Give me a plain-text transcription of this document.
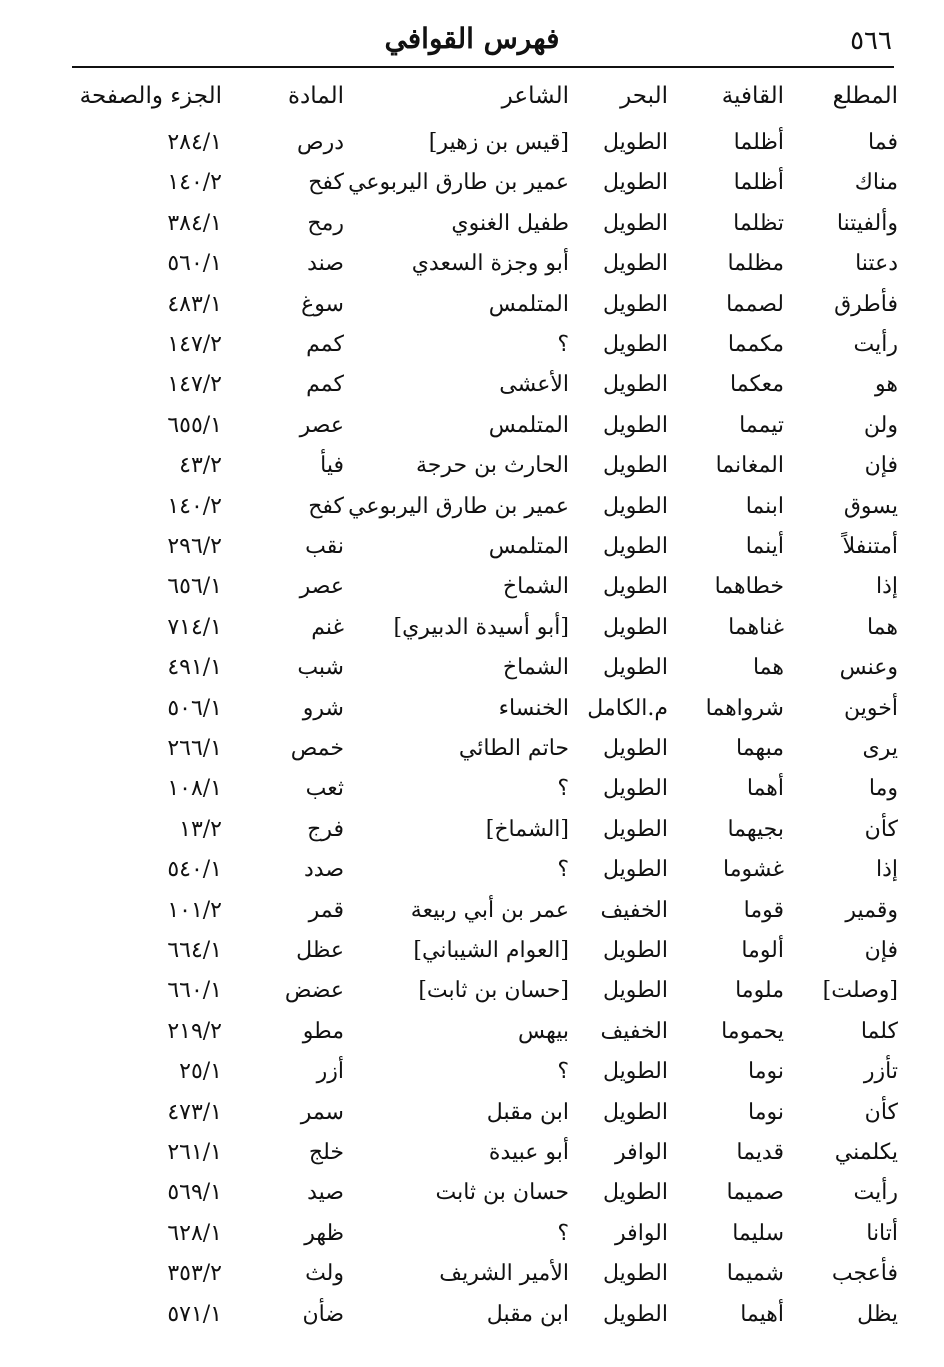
٥٦٦
فهرس القوافي
المطلع
القافية
البحر
الشاعر
المادة
الجزء والصفحة
فما
أظلما
الطويل
[قيس بن زهير]
درص
٢٨٤/١
مناك
أظلما
الطويل
عمير بن طارق اليربوعي
كفح
١٤٠/٢
وألفيتنا
تظلما
الطويل
طفيل الغنوي
رمح
٣٨٤/١
دعتنا
مظلما
الطويل
أبو وجزة السعدي
صند
٥٦٠/١
فأطرق
لصمما
الطويل
المتلمس
سوغ
٤٨٣/١
رأيت
مكمما
الطويل
؟
كمم
١٤٧/٢
هو
معكما
الطويل
الأعشى
كمم
١٤٧/٢
ولن
تيمما
الطويل
المتلمس
عصر
٦٥٥/١
فإن
المغانما
الطويل
الحارث بن حرجة
فيأ
٤٣/٢
يسوق
ابنما
الطويل
عمير بن طارق اليربوعي
كفح
١٤٠/٢
أمتنفلاً
أينما
الطويل
المتلمس
نقب
٢٩٦/٢
إذا
خطاهما
الطويل
الشماخ
عصر
٦٥٦/١
هما
غناهما
الطويل
[أبو أسيدة الدبيري]
غنم
٧١٤/١
وعنس
هما
الطويل
الشماخ
شبب
٤٩١/١
أخوين
شرواهما
م.الكامل
الخنساء
شرو
٥٠٦/١
يرى
مبهما
الطويل
حاتم الطائي
خمص
٢٦٦/١
وما
أهما
الطويل
؟
ثعب
١٠٨/١
كأن
بجيهما
الطويل
[الشماخ]
فرج
١٣/٢
إذا
غشوما
الطويل
؟
صدد
٥٤٠/١
وقمير
قوما
الخفيف
عمر بن أبي ربيعة
قمر
١٠١/٢
فإن
ألوما
الطويل
[العوام الشيباني]
عظل
٦٦٤/١
[وصلت]
ملوما
الطويل
[حسان بن ثابت]
عضض
٦٦٠/١
كلما
يحموما
الخفيف
بيهس
مطو
٢١٩/٢
تأزر
نوما
الطويل
؟
أزر
٢٥/١
كأن
نوما
الطويل
ابن مقبل
سمر
٤٧٣/١
يكلمني
قديما
الوافر
أبو عبيدة
خلج
٢٦١/١
رأيت
صميما
الطويل
حسان بن ثابت
صيد
٥٦٩/١
أتانا
سليما
الوافر
؟
ظهر
٦٢٨/١
فأعجب
شميما
الطويل
الأمير الشريف
ولث
٣٥٣/٢
يظل
أهيما
الطويل
ابن مقبل
ضأن
٥٧١/١
